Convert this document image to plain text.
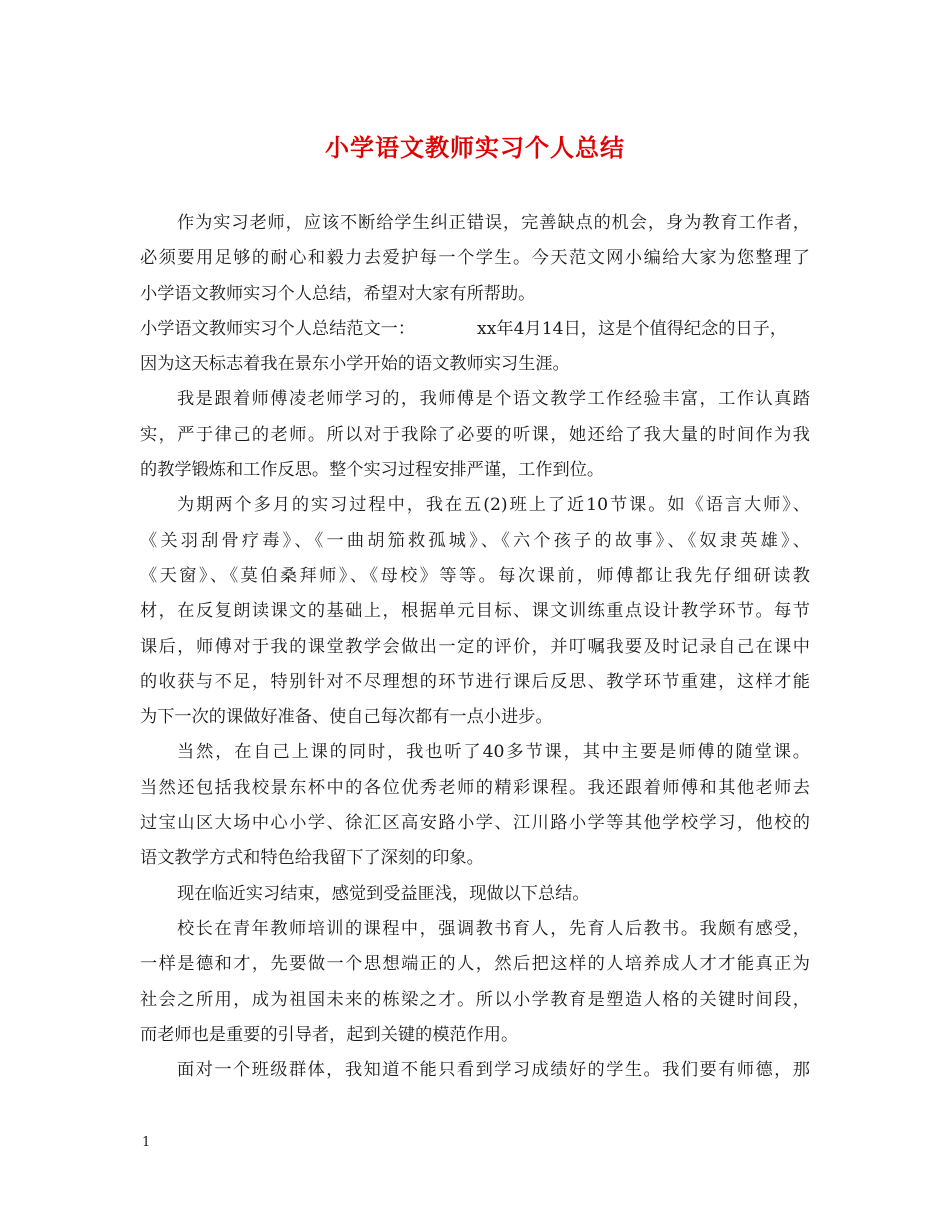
小学语文教师实习个人总结
作为实习老师，应该不断给学生纠正错误，完善缺点的机会，身为教育工作者，
必须要用足够的耐心和毅力去爱护每一个学生。今天范文网小编给大家为您整理了
小学语文教师实习个人总结，希望对大家有所帮助。
小学语文教师实习个人总结范文一：	xx年4月14日，这是个值得纪念的日子，
因为这天标志着我在景东小学开始的语文教师实习生涯。
我是跟着师傅凌老师学习的，我师傅是个语文教学工作经验丰富，工作认真踏
实，严于律己的老师。所以对于我除了必要的听课，她还给了我大量的时间作为我
的教学锻炼和工作反思。整个实习过程安排严谨，工作到位。
为期两个多月的实习过程中，我在五(2)班上了近10节课。如《语言大师》、
《关羽刮骨疗毒》、《一曲胡笳救孤城》、《六个孩子的故事》、《奴隶英雄》、
《天窗》、《莫伯桑拜师》、《母校》等等。每次课前，师傅都让我先仔细研读教
材，在反复朗读课文的基础上，根据单元目标、课文训练重点设计教学环节。每节
课后，师傅对于我的课堂教学会做出一定的评价，并叮嘱我要及时记录自己在课中
的收获与不足，特别针对不尽理想的环节进行课后反思、教学环节重建，这样才能
为下一次的课做好准备、使自己每次都有一点小进步。
当然，在自己上课的同时，我也听了40多节课，其中主要是师傅的随堂课。
当然还包括我校景东杯中的各位优秀老师的精彩课程。我还跟着师傅和其他老师去
过宝山区大场中心小学、徐汇区高安路小学、江川路小学等其他学校学习，他校的
语文教学方式和特色给我留下了深刻的印象。
现在临近实习结束，感觉到受益匪浅，现做以下总结。
校长在青年教师培训的课程中，强调教书育人，先育人后教书。我颇有感受，
一样是德和才，先要做一个思想端正的人，然后把这样的人培养成人才才能真正为
社会之所用，成为祖国未来的栋梁之才。所以小学教育是塑造人格的关键时间段，
而老师也是重要的引导者，起到关键的模范作用。
面对一个班级群体，我知道不能只看到学习成绩好的学生。我们要有师德，那
1
